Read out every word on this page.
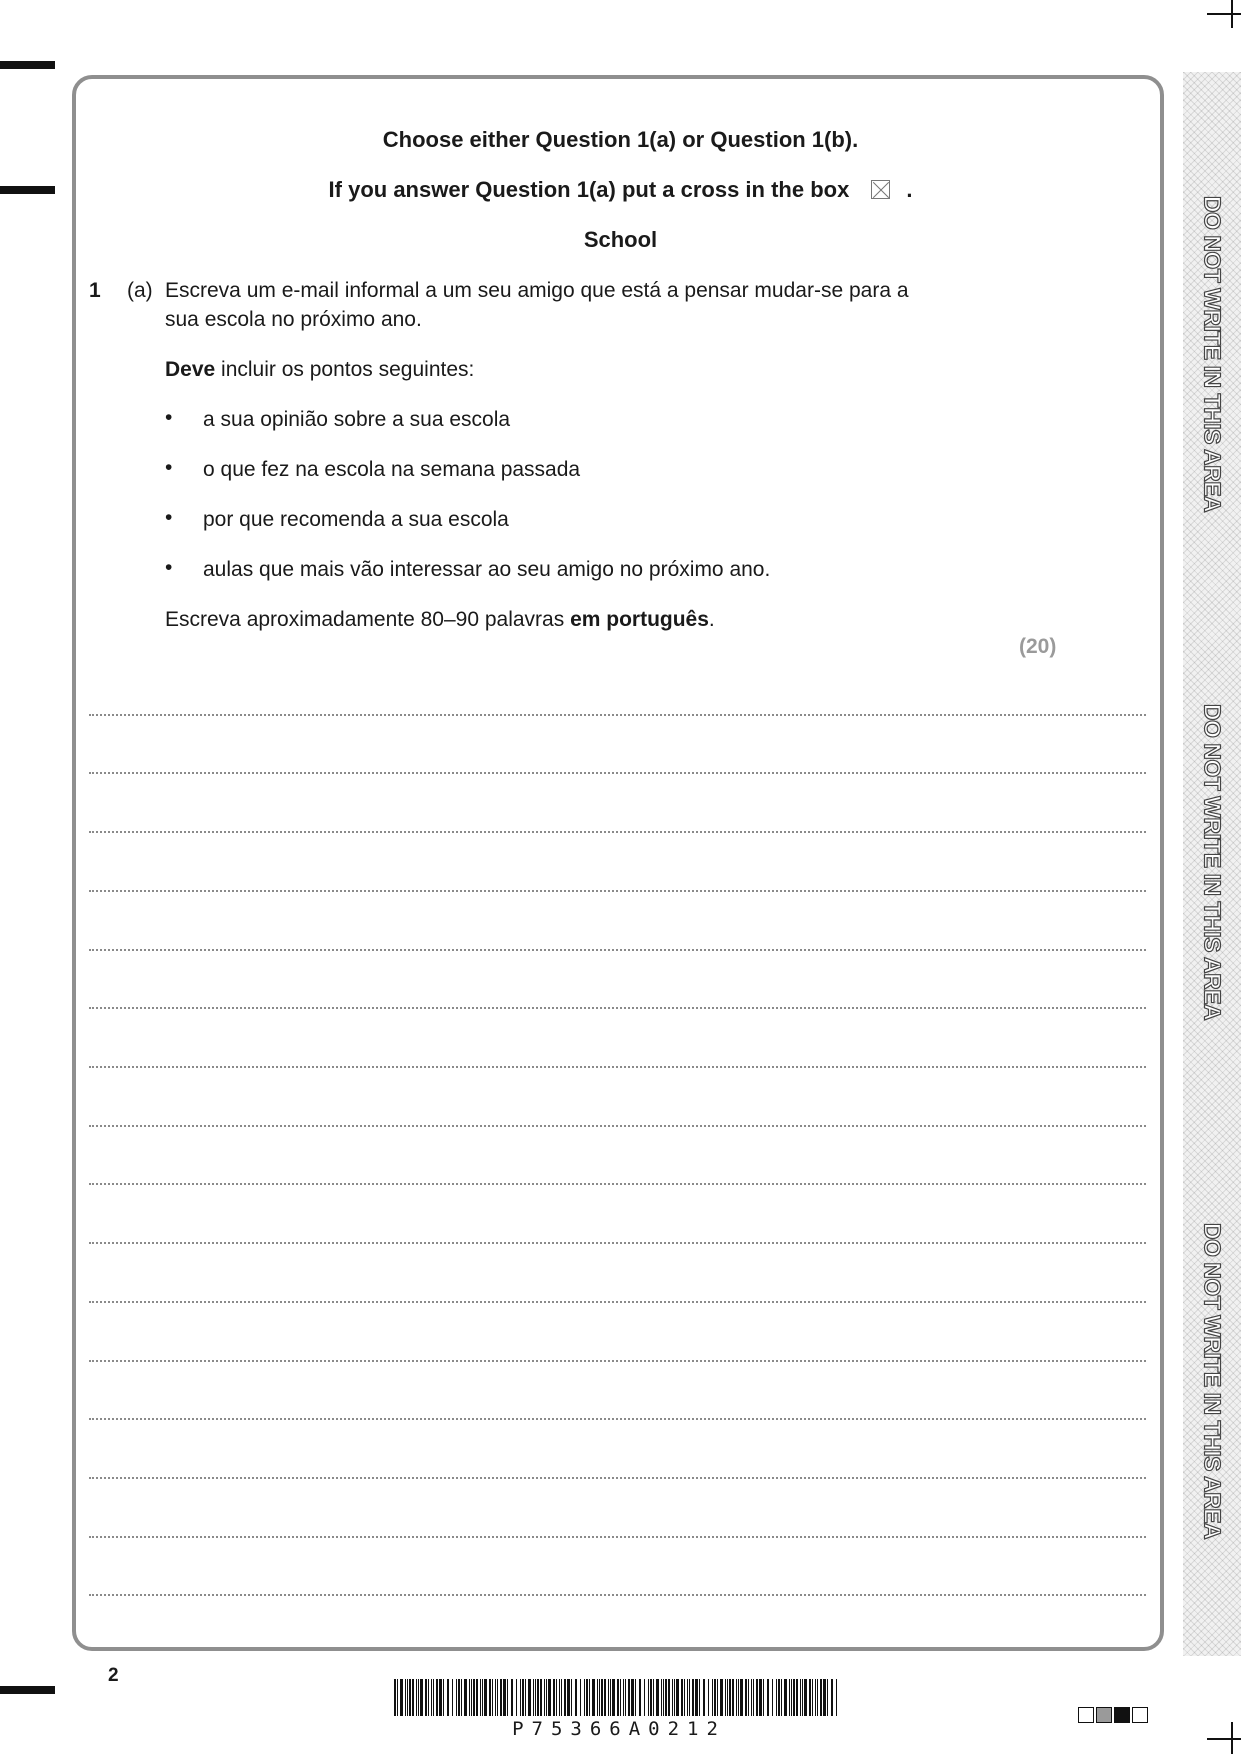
DO NOT WRITE IN THIS AREA
DO NOT WRITE IN THIS AREA
DO NOT WRITE IN THIS AREA
Choose either Question 1(a) or Question 1(b).
If you answer Question 1(a) put a cross in the box ☒ .
School
1 (a) Escreva um e-mail informal a um seu amigo que está a pensar mudar-se para a
sua escola no próximo ano.
Deve incluir os pontos seguintes:
• a sua opinião sobre a sua escola
• o que fez na escola na semana passada
• por que recomenda a sua escola
• aulas que mais vão interessar ao seu amigo no próximo ano.
Escreva aproximadamente 80–90 palavras em português.
(20)
2
P75366A0212
